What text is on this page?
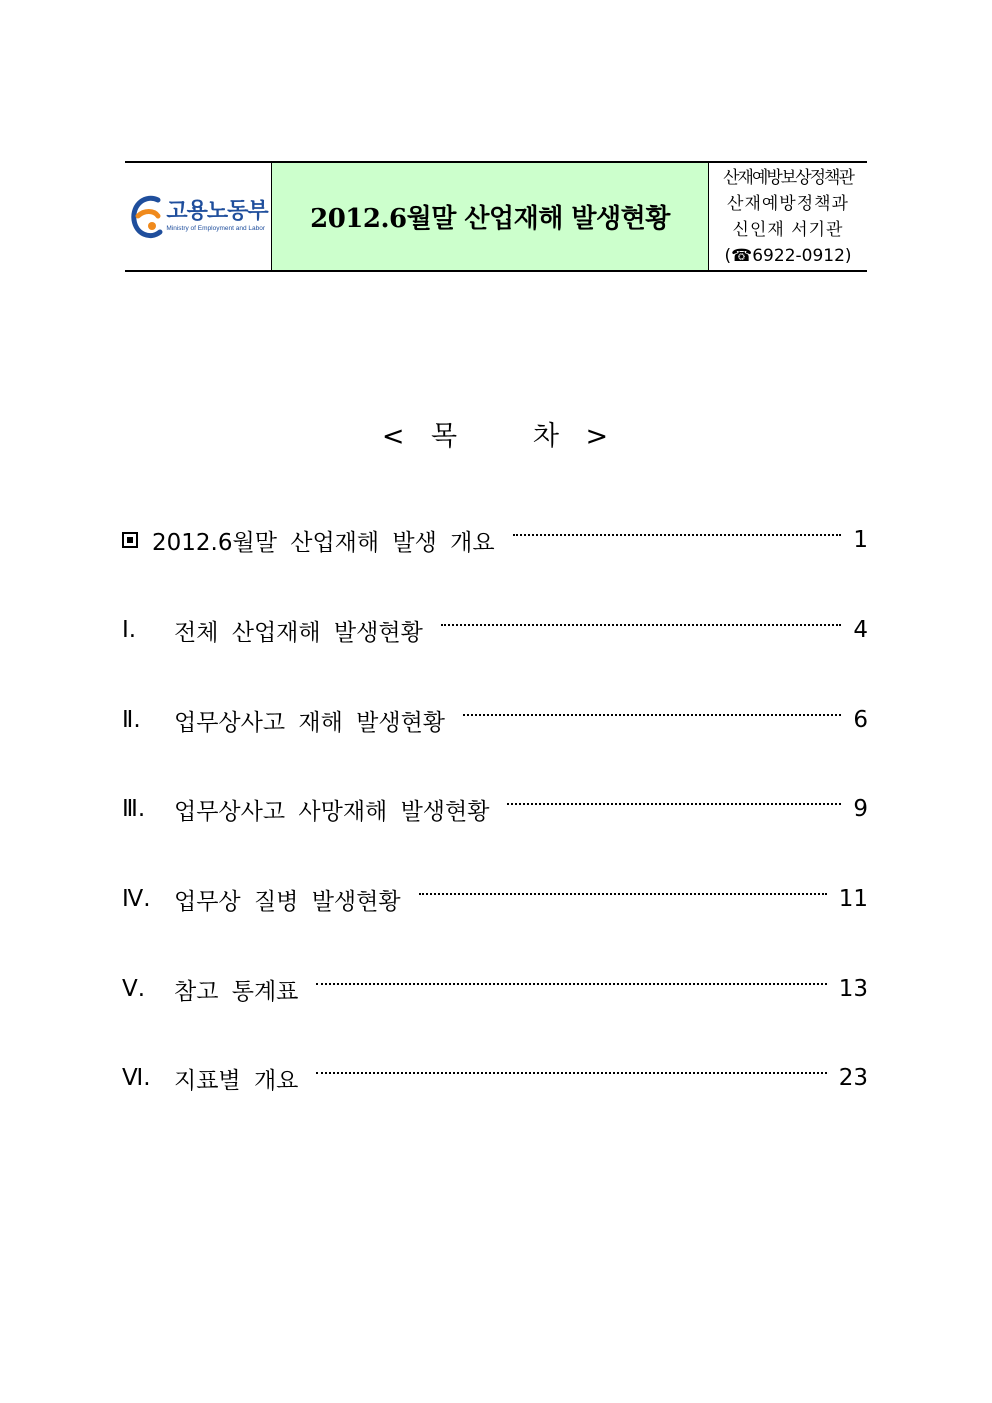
고용노동부
Ministry of Employment and Labor 2012.6월말 산업재해 발생현황
산재예방보상정책관
산재예방정책과
신인재 서기관
(☎6922-0912)
< 목   차 >
2012.6월말 산업재해 발생 개요	1
Ⅰ.	전체 산업재해 발생현황	4
Ⅱ.	업무상사고 재해 발생현황	6
Ⅲ.	업무상사고 사망재해 발생현황	9
Ⅳ.	업무상 질병 발생현황	11
Ⅴ.	참고 통계표	13
Ⅵ.	지표별 개요	23
